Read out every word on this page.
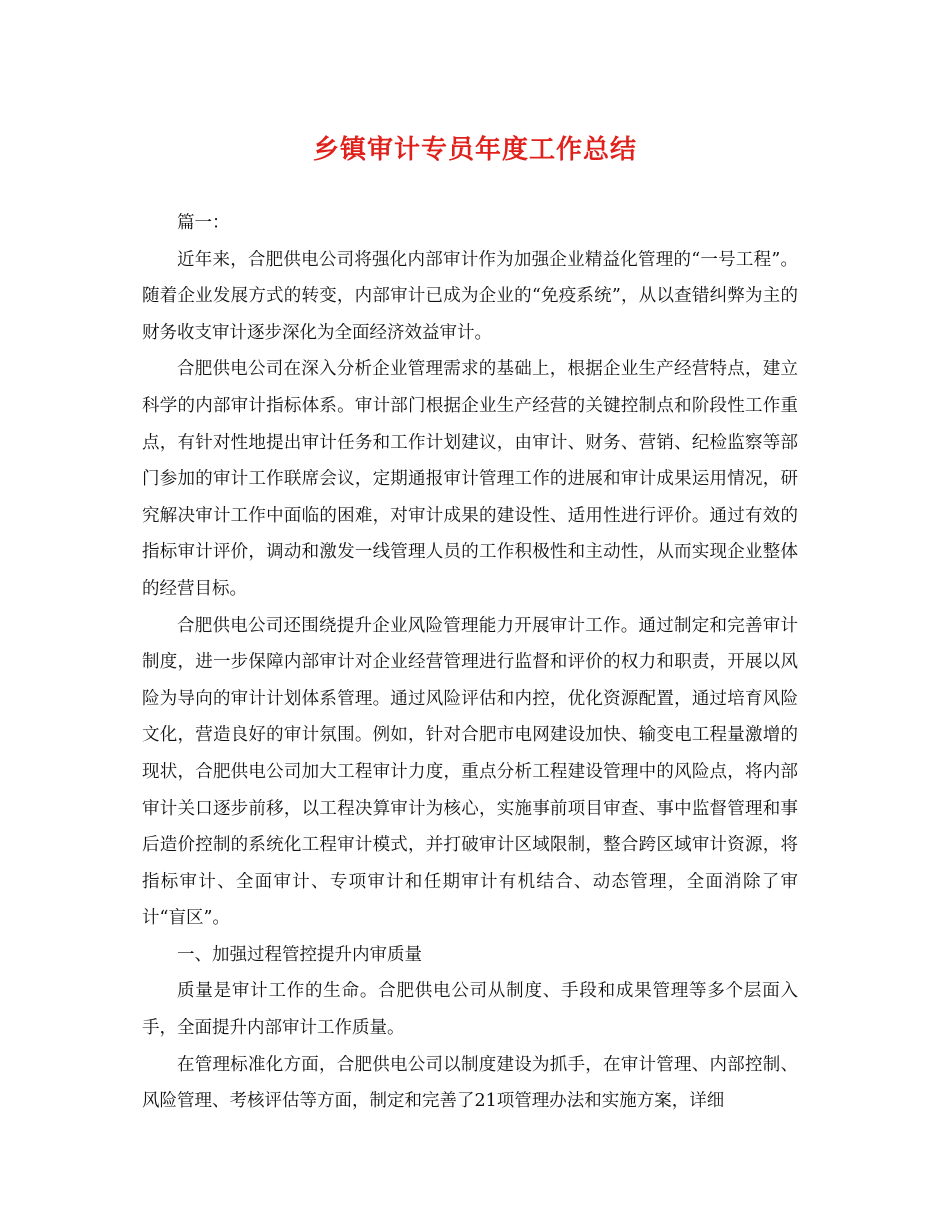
乡镇审计专员年度工作总结

篇一：

近年来，合肥供电公司将强化内部审计作为加强企业精益化管理的“一号工程”。随着企业发展方式的转变，内部审计已成为企业的“免疫系统”，从以查错纠弊为主的财务收支审计逐步深化为全面经济效益审计。

合肥供电公司在深入分析企业管理需求的基础上，根据企业生产经营特点，建立科学的内部审计指标体系。审计部门根据企业生产经营的关键控制点和阶段性工作重点，有针对性地提出审计任务和工作计划建议，由审计、财务、营销、纪检监察等部门参加的审计工作联席会议，定期通报审计管理工作的进展和审计成果运用情况，研究解决审计工作中面临的困难，对审计成果的建设性、适用性进行评价。通过有效的指标审计评价，调动和激发一线管理人员的工作积极性和主动性，从而实现企业整体的经营目标。

合肥供电公司还围绕提升企业风险管理能力开展审计工作。通过制定和完善审计制度，进一步保障内部审计对企业经营管理进行监督和评价的权力和职责，开展以风险为导向的审计计划体系管理。通过风险评估和内控，优化资源配置，通过培育风险文化，营造良好的审计氛围。例如，针对合肥市电网建设加快、输变电工程量激增的现状，合肥供电公司加大工程审计力度，重点分析工程建设管理中的风险点，将内部审计关口逐步前移，以工程决算审计为核心，实施事前项目审查、事中监督管理和事后造价控制的系统化工程审计模式，并打破审计区域限制，整合跨区域审计资源，将指标审计、全面审计、专项审计和任期审计有机结合、动态管理，全面消除了审计“盲区”。

一、加强过程管控提升内审质量

质量是审计工作的生命。合肥供电公司从制度、手段和成果管理等多个层面入手，全面提升内部审计工作质量。

在管理标准化方面，合肥供电公司以制度建设为抓手，在审计管理、内部控制、风险管理、考核评估等方面，制定和完善了21项管理办法和实施方案，详细
